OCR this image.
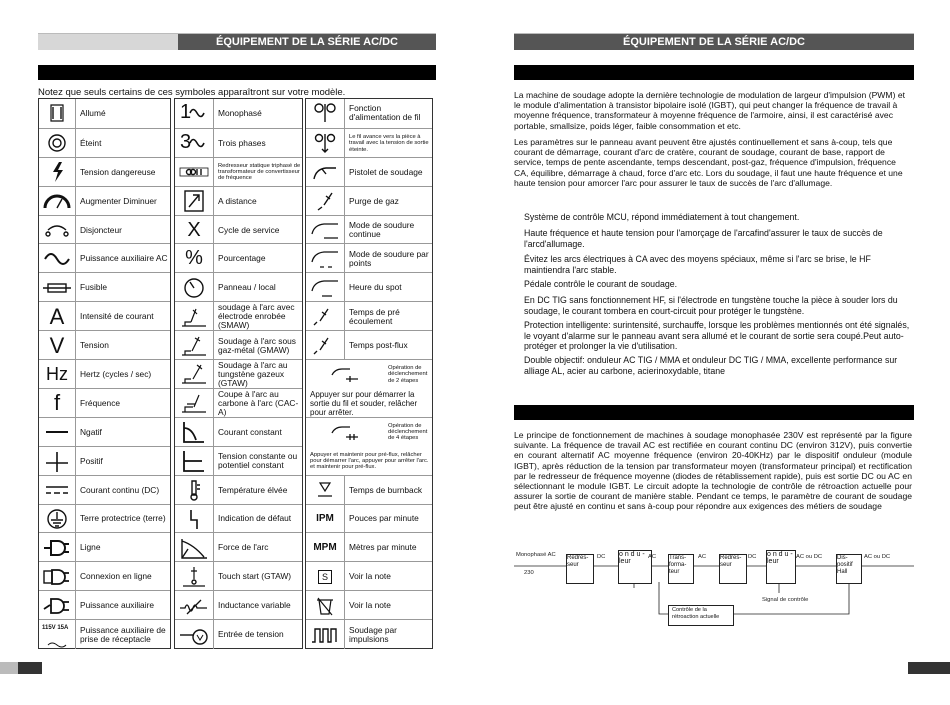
ÉQUIPEMENT DE LA SÉRIE AC/DC	ÉQUIPEMENT DE LA SÉRIE AC/DC
Notez que seuls certains de ces symboles apparaîtront sur votre modèle.
Allumé
Éteint
Tension dangereuse
Augmenter Diminuer
Disjoncteur
Puissance auxiliaire AC
Fusible
A	Intensité de courant
V	Tension
Hz	Hertz (cycles / sec)
f	Fréquence
Ngatif
Positif
Courant continu (DC)
Terre protectrice (terre)
Ligne
Connexion en ligne
Puissance auxiliaire
115V 15A	Puissance auxiliaire de prise de réceptacle
1	Monophasé
3	Trois phases
Redresseur statique triphasé de transformateur de convertisseur de fréquence
A distance
X	Cycle de service
%	Pourcentage
Panneau / local
soudage à l'arc avec électrode enrobée (SMAW)
Soudage à l'arc sous gaz-métal (GMAW)
Soudage à l'arc au tungstène gazeux (GTAW)
Coupe à l'arc au carbone à l'arc (CAC-A)
Courant constant
Tension constante ou potentiel constant
Température élvée
Indication de défaut
Force de l'arc
Touch start (GTAW)
Inductance variable
Entrée de tension
Fonction d'alimentation de fil
Le fil avance vers la pièce à travail avec la tension de sortie éteinte.
Pistolet de soudage
Purge de gaz
Mode de soudure continue
Mode de soudure par points
Heure du spot
Temps de pré écoulement
Temps post-flux
Opération de déclenchement de 2 étapes
Appuyer sur pour démarrer la sortie du fil et souder, relâcher pour arrêter.
Opération de déclenchement de 4 étapes
Appuyer et maintenir pour pré-flux, relâcher pour démarrer l'arc, appuyer pour arrêter l'arc. et maintenir pour pré-flux.
Temps de burnback
IPM	Pouces par minute
MPM	Mètres par minute
S	Voir la note
Voir la note
Soudage par impulsions
La machine de soudage adopte la dernière technologie de modulation de largeur d'impulsion (PWM) et le module d'alimentation à transistor bipolaire isolé (IGBT), qui peut changer la fréquence de travail à moyenne fréquence, transformateur à moyenne fréquence de l'armoire, ainsi, il est caractérisé avec portable, smallsize, poids léger, faible consommation et etc.
Les paramètres sur le panneau avant peuvent être ajustés continuellement et sans à-coup, tels que courant de démarrage, courant d'arc de cratère, courant de soudage, courant de base, rapport de service, temps de pente ascendante, temps descendant, post-gaz, fréquence d'impulsion, fréquence CA, équilibre, démarrage à chaud, force d'arc etc. Lors du soudage, il faut une haute fréquence et une haute tension pour amorcer l'arc pour assurer le taux de succès de l'arc d'allumage.
Système de contrôle MCU, répond immédiatement à tout changement.
Haute fréquence et haute tension pour l'amorçage de l'arcafind'assurer le taux de succès de l'arcd'allumage.
Évitez les arcs électriques à CA avec des moyens spéciaux, même si l'arc se brise, le HF maintiendra l'arc stable.
Pédale contrôle le courant de soudage.
En DC TIG sans fonctionnement HF, si l'électrode en tungstène touche la pièce à souder lors du soudage, le courant tombera en court-circuit pour protéger le tungstène.
Protection intelligente: surintensité, surchauffe, lorsque les problèmes mentionnés ont été signalés, le voyant d'alarme sur le panneau avant sera allumé et le courant de sortie sera coupé.Peut auto-protéger et prolonger la vie d'utilisation.
Double objectif: onduleur AC TIG / MMA et onduleur DC TIG / MMA, excellente performance sur alliage AL, acier au carbone, acierinoxydable, titane
Le principe de fonctionnement de machines à soudage monophasée 230V est représenté par la figure suivante. La fréquence de travail AC est rectifiée en courant continu DC (environ 312V), puis convertie en courant alternatif AC moyenne fréquence (environ 20-40KHz) par le dispositif onduleur (module IGBT), après réduction de la tension par transformateur moyen (transformateur principal) et rectification par le redresseur de fréquence moyenne (diodes de rétablissement rapide), puis est sortie DC ou AC en sélectionnant le module IGBT. Le circuit adopte la technologie de contrôle de rétroaction actuelle pour assurer la sortie de courant de manière stable. Pendant ce temps, le paramètre de courant de soudage peut être ajusté en continu et sans à-coup pour répondre aux exigences des métiers de soudage
Monophasé AC
230
Redres-seur
o n d u - leur	Trans-forma-teur
Redres-seur
o n d u - leur	Dis-positif Hall
DC	AC	AC	DC	AC ou DC	AC ou DC
Signal de contrôle
Contrôle de la rétroaction actuelle
